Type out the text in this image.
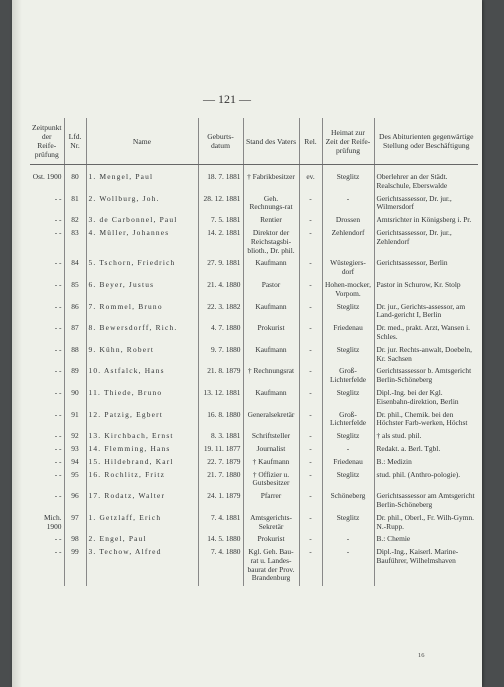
— 121 —
Zeitpunkt der Reife-prüfung	Lfd. Nr.	Name	Geburts-datum	Stand des Vaters	Rel.	Heimat zur Zeit der Reife-prüfung	Des Abiturienten gegenwärtige Stellung oder Beschäftigung
Ost. 1900	80	1. Mengel, Paul	18. 7. 1881	† Fabrikbesitzer	ev.	Steglitz	Oberlehrer an der Städt. Realschule, Eberswalde
- -	81	2. Wollburg, Joh.	28. 12. 1881	Geh. Rechnungs-rat	-	-	Gerichtsassessor, Dr. jur., Wilmersdorf
- -	82	3. de Carbonnel, Paul	7. 5. 1881	Rentier	-	Drossen	Amtsrichter in Königsberg i. Pr.
- -	83	4. Müller, Johannes	14. 2. 1881	Direktor der Reichstagsbi-blioth., Dr. phil.	-	Zehlendorf	Gerichtsassessor, Dr. jur., Zehlendorf
- -	84	5. Tschorn, Friedrich	27. 9. 1881	Kaufmann	-	Wüstegiers-dorf	Gerichtsassessor, Berlin
- -	85	6. Beyer, Justus	21. 4. 1880	Pastor	-	Hohen-mocker, Vorpom.	Pastor in Schurow, Kr. Stolp
- -	86	7. Rommel, Bruno	22. 3. 1882	Kaufmann	-	Steglitz	Dr. jur., Gerichts-assessor, am Land-gericht I, Berlin
- -	87	8. Bewersdorff, Rich.	4. 7. 1880	Prokurist	-	Friedenau	Dr. med., prakt. Arzt, Wansen i. Schles.
- -	88	9. Kühn, Robert	9. 7. 1880	Kaufmann	-	Steglitz	Dr. jur. Rechts-anwalt, Doebeln, Kr. Sachsen
- -	89	10. Astfalck, Hans	21. 8. 1879	† Rechnungsrat	-	Groß-Lichterfelde	Gerichtsassessor b. Amtsgericht Berlin-Schöneberg
- -	90	11. Thiede, Bruno	13. 12. 1881	Kaufmann	-	Steglitz	Dipl.-Ing. bei der Kgl. Eisenbahn-direktion, Berlin
- -	91	12. Patzig, Egbert	16. 8. 1880	Generalsekretär	-	Groß-Lichterfelde	Dr. phil., Chemik. bei den Höchster Farb-werken, Höchst
- -	92	13. Kirchbach, Ernst	8. 3. 1881	Schriftsteller	-	Steglitz	† als stud. phil.
- -	93	14. Flemming, Hans	19. 11. 1877	Journalist	-	-	Redakt. a. Berl. Tgbl.
- -	94	15. Hildebrand, Karl	22. 7. 1879	† Kaufmann	-	Friedenau	B.: Medizin
- -	95	16. Rochlitz, Fritz	21. 7. 1880	† Offizier u. Gutsbesitzer	-	Steglitz	stud. phil. (Anthro-pologie).
- -	96	17. Rodatz, Walter	24. 1. 1879	Pfarrer	-	Schöneberg	Gerichtsassessor am Amtsgericht Berlin-Schöneberg
Mich. 1900	97	1. Getzlaff, Erich	7. 4. 1881	Amtsgerichts-Sekretär	-	Steglitz	Dr. phil., Oberl., Fr. Wilh-Gymn. N.-Rupp.
- -	98	2. Engel, Paul	14. 5. 1880	Prokurist	-	-	B.: Chemie
- -	99	3. Techow, Alfred	7. 4. 1880	Kgl. Geh. Bau-rat u. Landes-baurat der Prov. Brandenburg	-	-	Dipl.-Ing., Kaiserl. Marine-Bauführer, Wilhelmshaven
16
